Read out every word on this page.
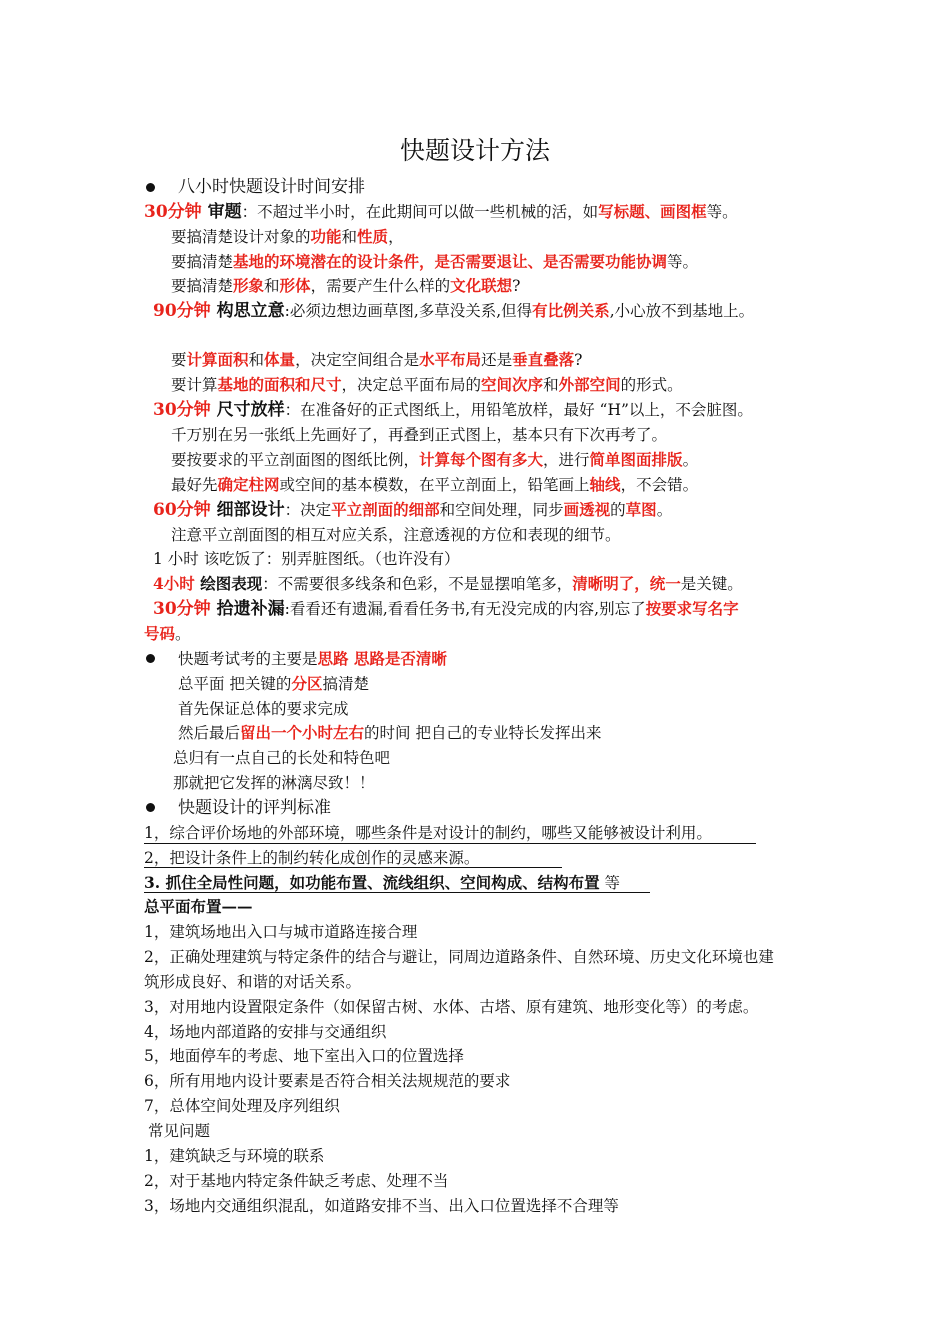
快题设计方法
八小时快题设计时间安排
30分钟 审题：不超过半小时，在此期间可以做一些机械的活，如写标题、画图框等。
要搞清楚设计对象的功能和性质，
要搞清楚基地的环境潜在的设计条件，是否需要退让、是否需要功能协调等。
要搞清楚形象和形体，需要产生什么样的文化联想?
90分钟 构思立意:必须边想边画草图,多草没关系,但得有比例关系,小心放不到基地上。
要计算面积和体量，决定空间组合是水平布局还是垂直叠落?
要计算基地的面积和尺寸，决定总平面布局的空间次序和外部空间的形式。
30分钟 尺寸放样：在准备好的正式图纸上，用铅笔放样，最好 “H”以上，不会脏图。
千万别在另一张纸上先画好了，再叠到正式图上，基本只有下次再考了。
要按要求的平立剖面图的图纸比例，计算每个图有多大，进行简单图面排版。
最好先确定柱网或空间的基本模数，在平立剖面上，铅笔画上轴线，不会错。
60分钟 细部设计：决定平立剖面的细部和空间处理，同步画透视的草图。
注意平立剖面图的相互对应关系，注意透视的方位和表现的细节。
1 小时 该吃饭了：别弄脏图纸。（也许没有）
4小时 绘图表现：不需要很多线条和色彩，不是显摆咱笔多，清晰明了，统一是关键。
30分钟 拾遗补漏:看看还有遗漏,看看任务书,有无没完成的内容,别忘了按要求写名字
号码。
快题考试考的主要是思路 思路是否清晰
总平面 把关键的分区搞清楚
首先保证总体的要求完成
然后最后留出一个小时左右的时间 把自己的专业特长发挥出来
总归有一点自己的长处和特色吧
那就把它发挥的淋漓尽致！！
快题设计的评判标准
1，综合评价场地的外部环境，哪些条件是对设计的制约，哪些又能够被设计利用。
2，把设计条件上的制约转化成创作的灵感来源。
3. 抓住全局性问题，如功能布置、流线组织、空间构成、结构布置 等
总平面布置——
1，建筑场地出入口与城市道路连接合理
2，正确处理建筑与特定条件的结合与避让，同周边道路条件、自然环境、历史文化环境也建
筑形成良好、和谐的对话关系。
3，对用地内设置限定条件（如保留古树、水体、古塔、原有建筑、地形变化等）的考虑。
4，场地内部道路的安排与交通组织
5，地面停车的考虑、地下室出入口的位置选择
6，所有用地内设计要素是否符合相关法规规范的要求
7，总体空间处理及序列组织
常见问题
1，建筑缺乏与环境的联系
2，对于基地内特定条件缺乏考虑、处理不当
3，场地内交通组织混乱，如道路安排不当、出入口位置选择不合理等
